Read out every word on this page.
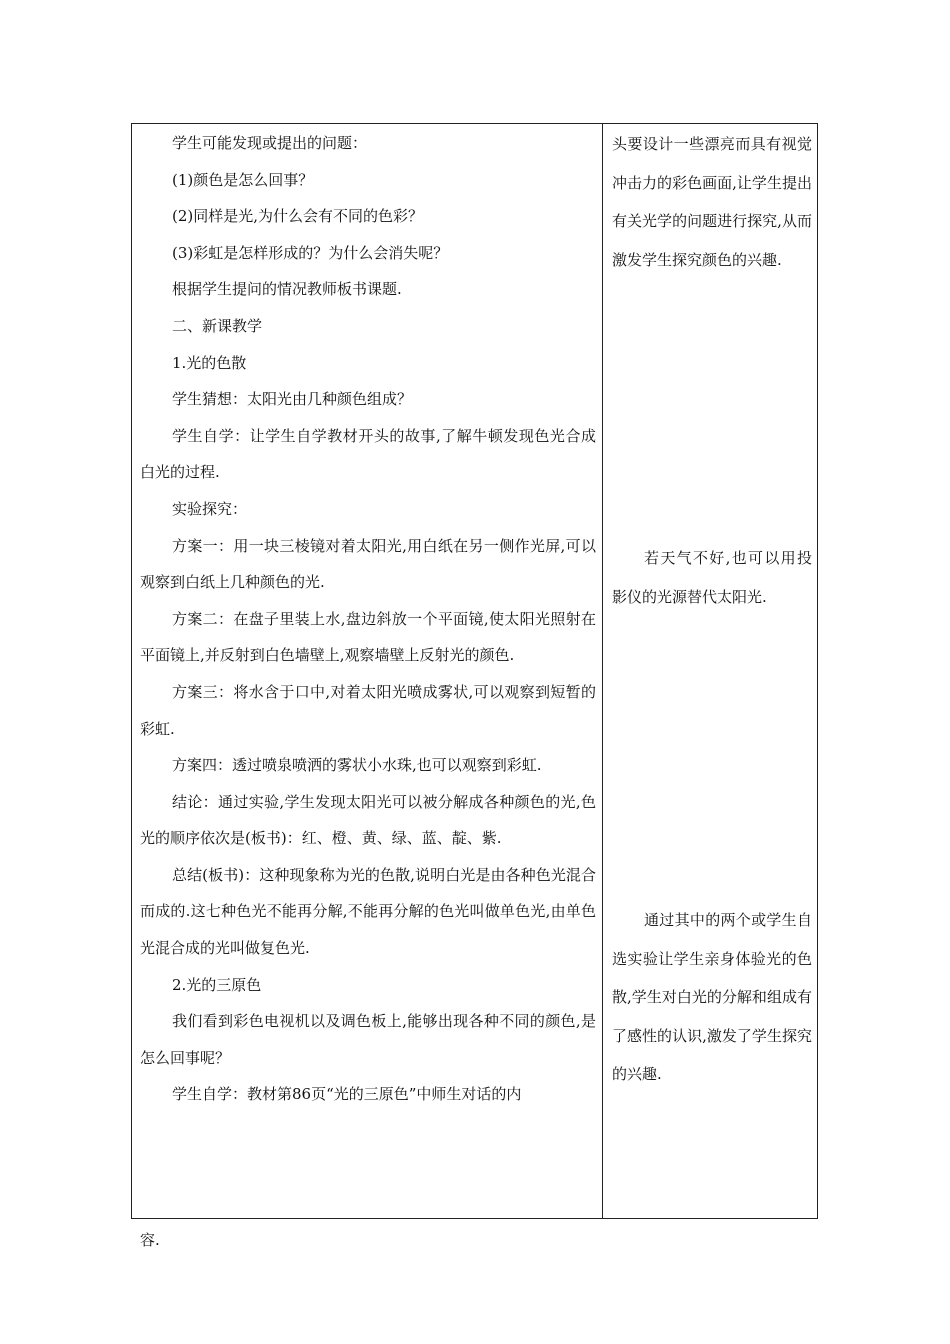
学生可能发现或提出的问题：

(1)颜色是怎么回事？

(2)同样是光,为什么会有不同的色彩？

(3)彩虹是怎样形成的？为什么会消失呢？

根据学生提问的情况教师板书课题.

二、新课教学

1.光的色散

学生猜想：太阳光由几种颜色组成？

学生自学：让学生自学教材开头的故事,了解牛顿发现色光合成白光的过程.

实验探究：

方案一：用一块三棱镜对着太阳光,用白纸在另一侧作光屏,可以观察到白纸上几种颜色的光.

方案二：在盘子里装上水,盘边斜放一个平面镜,使太阳光照射在平面镜上,并反射到白色墙壁上,观察墙壁上反射光的颜色.

方案三：将水含于口中,对着太阳光喷成雾状,可以观察到短暂的彩虹.

方案四：透过喷泉喷洒的雾状小水珠,也可以观察到彩虹.

结论：通过实验,学生发现太阳光可以被分解成各种颜色的光,色光的顺序依次是(板书)：红、橙、黄、绿、蓝、靛、紫.

总结(板书)：这种现象称为光的色散,说明白光是由各种色光混合而成的.这七种色光不能再分解,不能再分解的色光叫做单色光,由单色光混合成的光叫做复色光.

2.光的三原色

我们看到彩色电视机以及调色板上,能够出现各种不同的颜色,是怎么回事呢？

学生自学：教材第86页“光的三原色”中师生对话的内

头要设计一些漂亮而具有视觉冲击力的彩色画面,让学生提出有关光学的问题进行探究,从而激发学生探究颜色的兴趣.

若天气不好,也可以用投影仪的光源替代太阳光.

通过其中的两个或学生自选实验让学生亲身体验光的色散,学生对白光的分解和组成有了感性的认识,激发了学生探究的兴趣.

容.
